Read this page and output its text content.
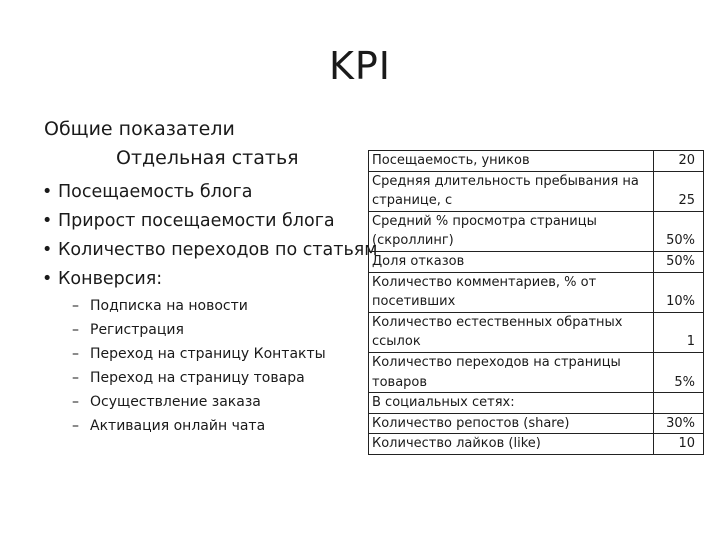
KPI
Общие показатели
Отдельная статья
• Посещаемость блога
• Прирост посещаемости блога
• Количество переходов по статьям
• Конверсия:
– Подписка на новости
– Регистрация
– Переход на страницу Контакты
– Переход на страницу товара
– Осуществление заказа
– Активация онлайн чата
Посещаемость, уников	20

Средняя длительность пребывания на
странице, с	25

Средний % просмотра страницы
(скроллинг)	50%

Доля отказов	50%

Количество комментариев, % от
посетивших	10%

Количество естественных обратных
ссылок	1

Количество переходов на страницы
товаров	5%

В социальных сетях:	

Количество репостов (share)	30%

Количество лайков (like)	10
